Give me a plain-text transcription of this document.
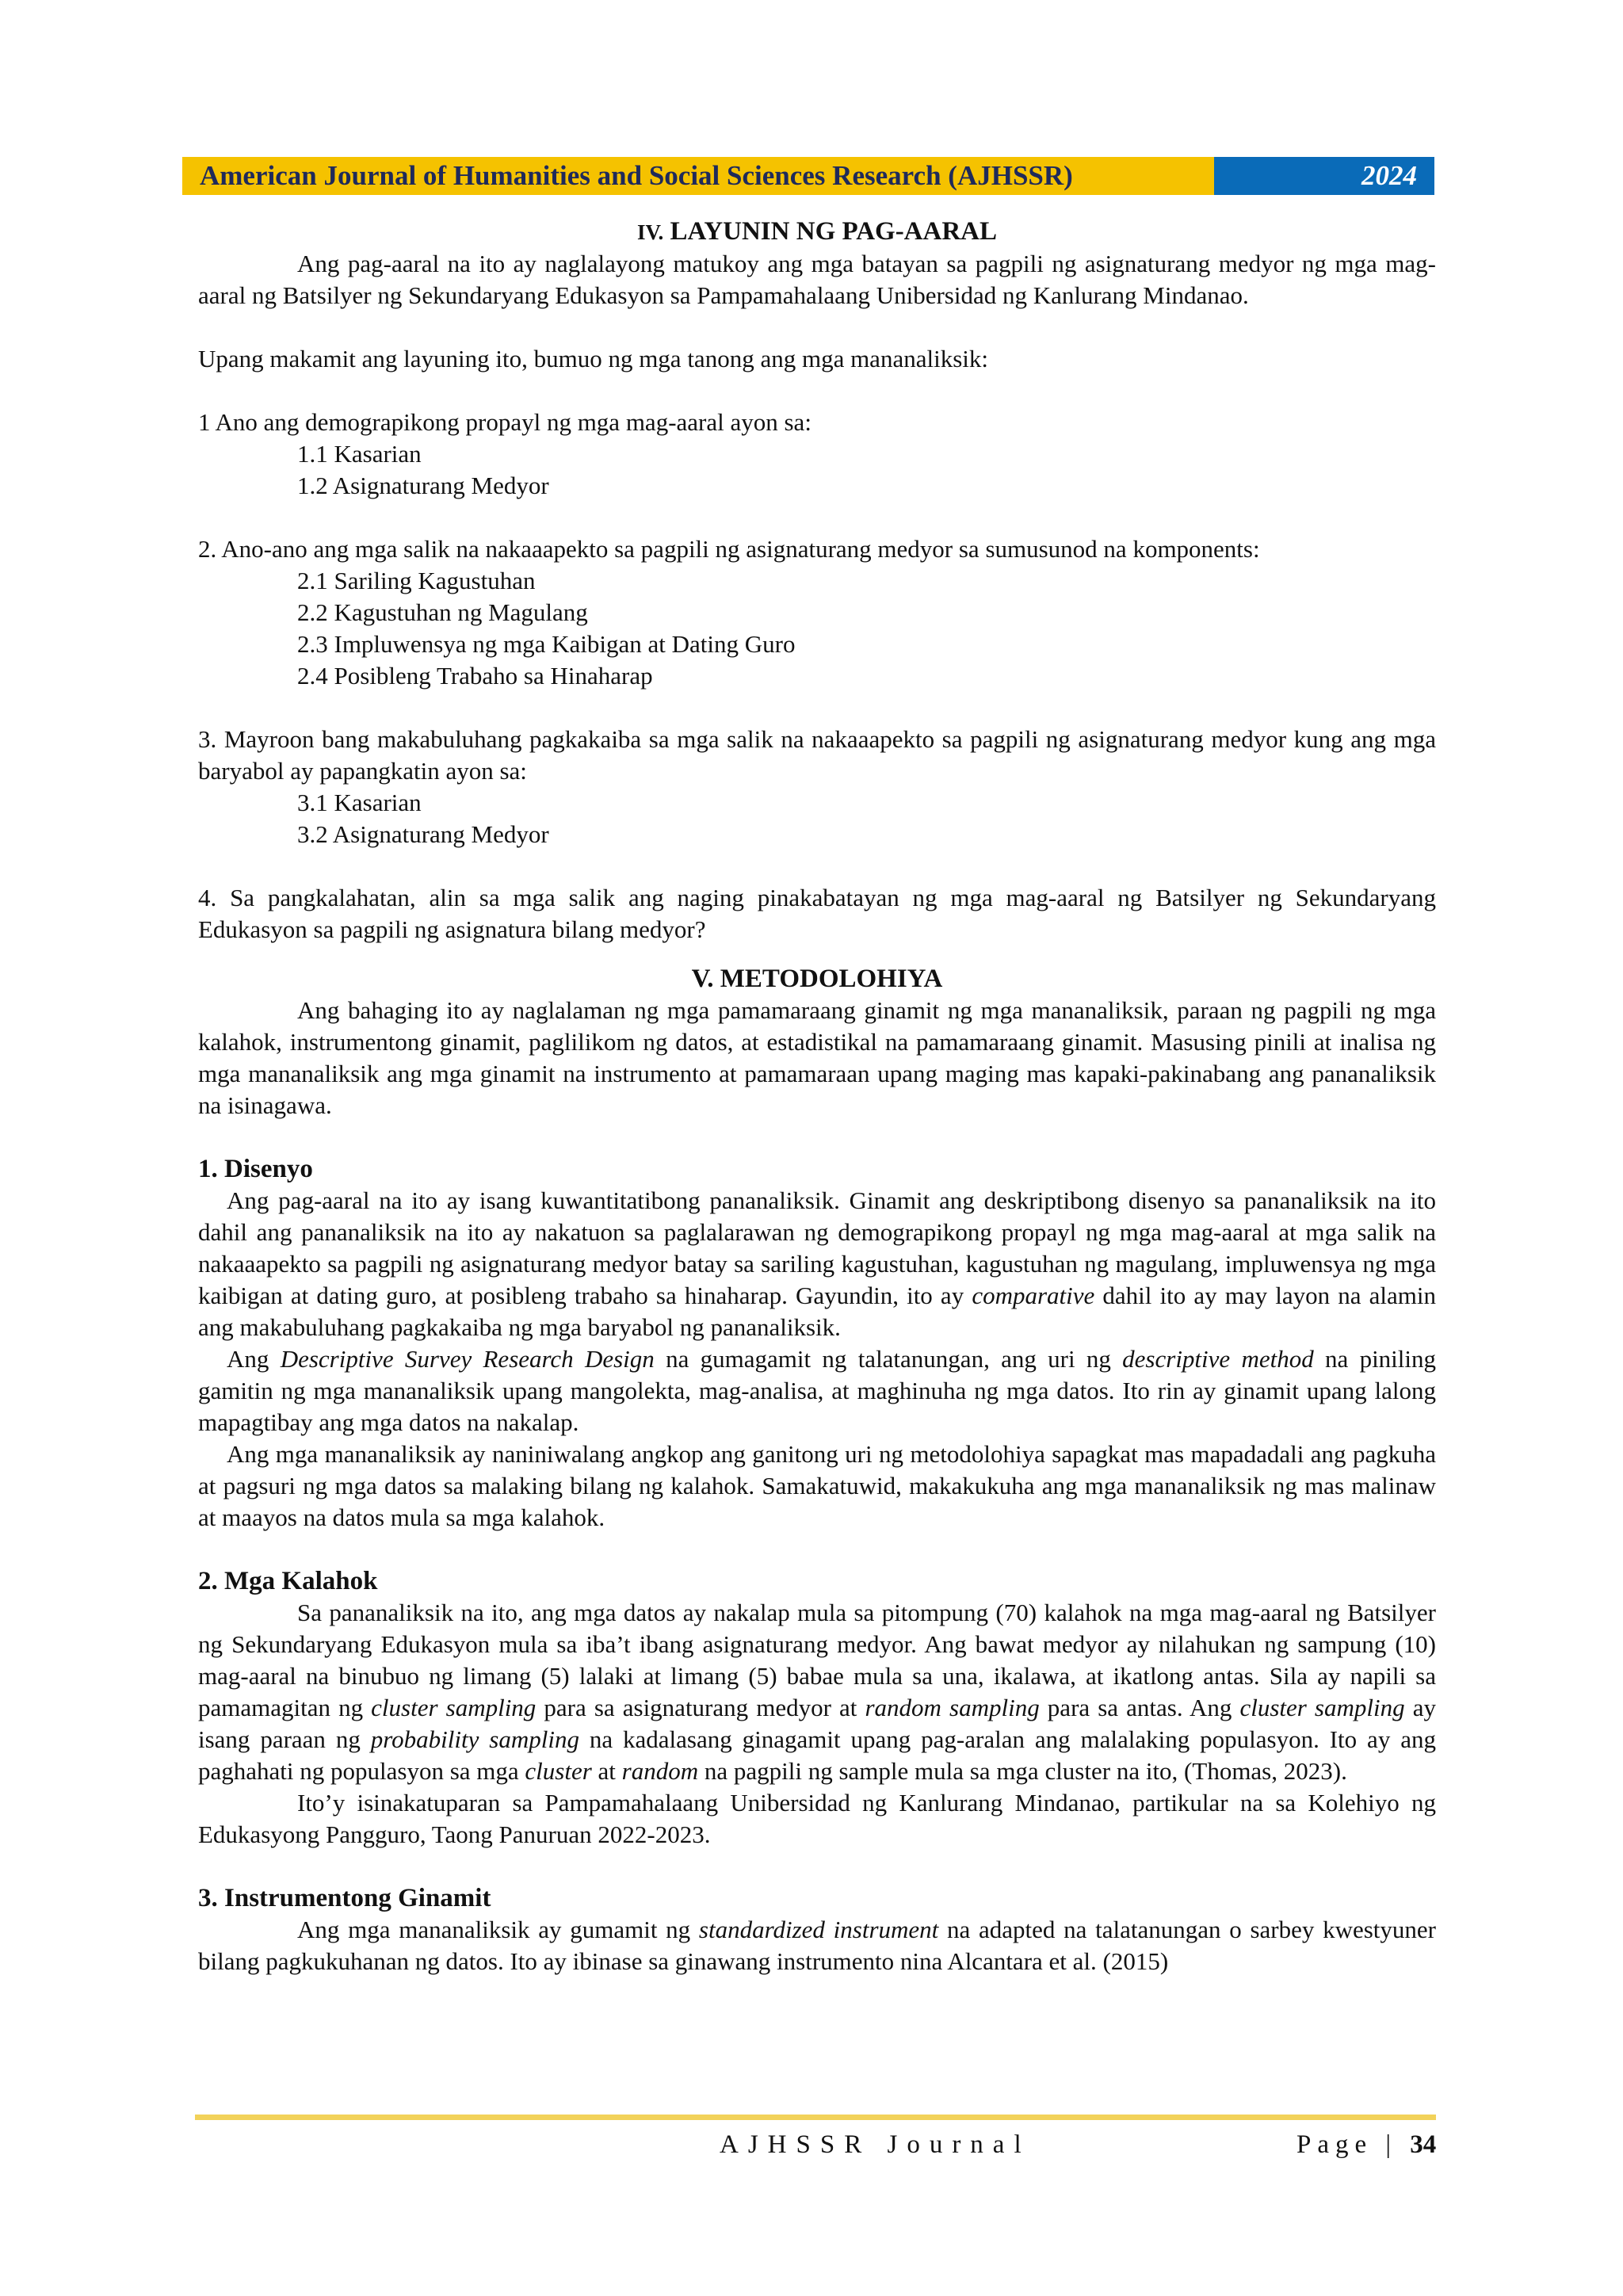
American Journal of Humanities and Social Sciences Research (AJHSSR)	2024

IV. LAYUNIN NG PAG-AARAL

Ang pag-aaral na ito ay naglalayong matukoy ang mga batayan sa pagpili ng asignaturang medyor ng mga mag-aaral ng Batsilyer ng Sekundaryang Edukasyon sa Pampamahalaang Unibersidad ng Kanlurang Mindanao.

Upang makamit ang layuning ito, bumuo ng mga tanong ang mga mananaliksik:

1 Ano ang demograpikong propayl ng mga mag-aaral ayon sa:

1.1 Kasarian

1.2 Asignaturang Medyor

2. Ano-ano ang mga salik na nakaaapekto sa pagpili ng asignaturang medyor sa sumusunod na komponents:

2.1 Sariling Kagustuhan

2.2 Kagustuhan ng Magulang

2.3 Impluwensya ng mga Kaibigan at Dating Guro

2.4 Posibleng Trabaho sa Hinaharap

3. Mayroon bang makabuluhang pagkakaiba sa mga salik na nakaaapekto sa pagpili ng asignaturang medyor kung ang mga baryabol ay papangkatin ayon sa:

3.1 Kasarian

3.2 Asignaturang Medyor

4. Sa pangkalahatan, alin sa mga salik ang naging pinakabatayan ng mga mag-aaral ng Batsilyer ng Sekundaryang Edukasyon sa pagpili ng asignatura bilang medyor?

V. METODOLOHIYA

Ang bahaging ito ay naglalaman ng mga pamamaraang ginamit ng mga mananaliksik, paraan ng pagpili ng mga kalahok, instrumentong ginamit, paglilikom ng datos, at estadistikal na pamamaraang ginamit. Masusing pinili at inalisa ng mga mananaliksik ang mga ginamit na instrumento at pamamaraan upang maging mas kapaki-pakinabang ang pananaliksik na isinagawa.

1. Disenyo

Ang pag-aaral na ito ay isang kuwantitatibong pananaliksik. Ginamit ang deskriptibong disenyo sa pananaliksik na ito dahil ang pananaliksik na ito ay nakatuon sa paglalarawan ng demograpikong propayl ng mga mag-aaral at mga salik na nakaaapekto sa pagpili ng asignaturang medyor batay sa sariling kagustuhan, kagustuhan ng magulang, impluwensya ng mga kaibigan at dating guro, at posibleng trabaho sa hinaharap. Gayundin, ito ay comparative dahil ito ay may layon na alamin ang makabuluhang pagkakaiba ng mga baryabol ng pananaliksik.

Ang Descriptive Survey Research Design na gumagamit ng talatanungan, ang uri ng descriptive method na piniling gamitin ng mga mananaliksik upang mangolekta, mag-analisa, at maghinuha ng mga datos. Ito rin ay ginamit upang lalong mapagtibay ang mga datos na nakalap.

Ang mga mananaliksik ay naniniwalang angkop ang ganitong uri ng metodolohiya sapagkat mas mapadadali ang pagkuha at pagsuri ng mga datos sa malaking bilang ng kalahok. Samakatuwid, makakukuha ang mga mananaliksik ng mas malinaw at maayos na datos mula sa mga kalahok.

2. Mga Kalahok

Sa pananaliksik na ito, ang mga datos ay nakalap mula sa pitompung (70) kalahok na mga mag-aaral ng Batsilyer ng Sekundaryang Edukasyon mula sa iba’t ibang asignaturang medyor. Ang bawat medyor ay nilahukan ng sampung (10) mag-aaral na binubuo ng limang (5) lalaki at limang (5) babae mula sa una, ikalawa, at ikatlong antas. Sila ay napili sa pamamagitan ng cluster sampling para sa asignaturang medyor at random sampling para sa antas. Ang cluster sampling ay isang paraan ng probability sampling na kadalasang ginagamit upang pag-aralan ang malalaking populasyon. Ito ay ang paghahati ng populasyon sa mga cluster at random na pagpili ng sample mula sa mga cluster na ito, (Thomas, 2023).

Ito’y isinakatuparan sa Pampamahalaang Unibersidad ng Kanlurang Mindanao, partikular na sa Kolehiyo ng Edukasyong Pangguro, Taong Panuruan 2022-2023.

3. Instrumentong Ginamit

Ang mga mananaliksik ay gumamit ng standardized instrument na adapted na talatanungan o sarbey kwestyuner bilang pagkukuhanan ng datos. Ito ay ibinase sa ginawang instrumento nina Alcantara et al. (2015)

AJHSSR Journal	Page | 34
